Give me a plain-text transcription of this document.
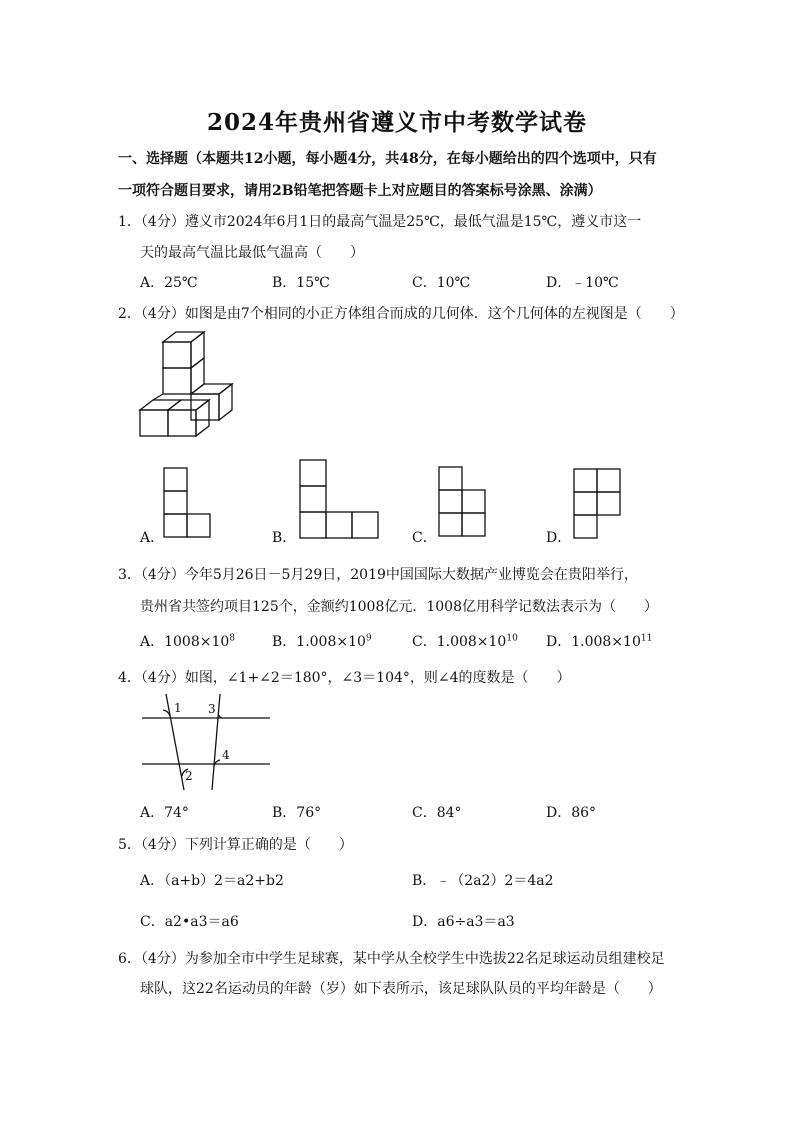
2024年贵州省遵义市中考数学试卷
一、选择题（本题共12小题，每小题4分，共48分，在每小题给出的四个选项中，只有
一项符合题目要求，请用2B铅笔把答题卡上对应题目的答案标号涂黑、涂满）
1．（4分）遵义市2024年6月1日的最高气温是25℃，最低气温是15℃，遵义市这一
天的最高气温比最低气温高（　　）
A．25℃	B．15℃	C．10℃	D．﹣10℃
2．（4分）如图是由7个相同的小正方体组合而成的几何体．这个几何体的左视图是（　　）
A．	B．	C．	D．
3．（4分）今年5月26日－5月29日，2019中国国际大数据产业博览会在贵阳举行，
贵州省共签约项目125个，金额约1008亿元．1008亿用科学记数法表示为（　　）
A．$1008\times 10^8$	B．$1.008\times 10^9$	C．$1.008\times 10^{10}$ D．$1.008\times 10^{11}$
4．（4分）如图，∠1+∠2＝180°，∠3＝104°，则∠4的度数是（　　）
1 3
4
2
A．74°	B．76°	C．84°	D．86°
5．（4分）下列计算正确的是（　　）
A．（a+b）2＝a2+b2	B．﹣（2a2）2＝4a2
C．a2•a3＝a6	D．a6÷a3＝a3
6．（4分）为参加全市中学生足球赛，某中学从全校学生中选拔22名足球运动员组建校足
球队，这22名运动员的年龄（岁）如下表所示，该足球队队员的平均年龄是（　　）
